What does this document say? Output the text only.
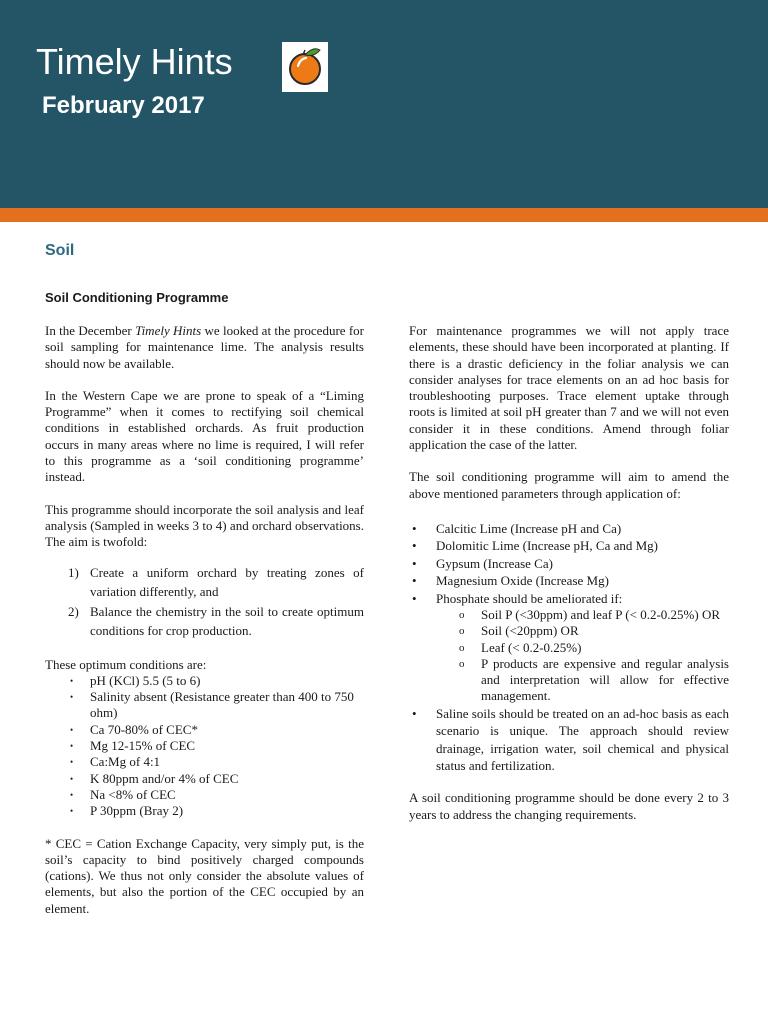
Timely Hints
February 2017
Soil
Soil Conditioning Programme

In the December Timely Hints we looked at the procedure for soil sampling for maintenance lime. The analysis results should now be available.

In the Western Cape we are prone to speak of a “Liming Programme” when it comes to rectifying soil chemical conditions in established orchards. As fruit production occurs in many areas where no lime is required, I will refer to this programme as a ‘soil conditioning programme’ instead.

This programme should incorporate the soil analysis and leaf analysis (Sampled in weeks 3 to 4) and orchard observations. The aim is twofold:

1) Create a uniform orchard by treating zones of variation differently, and
2) Balance the chemistry in the soil to create optimum conditions for crop production.

These optimum conditions are:

• pH (KCl) 5.5 (5 to 6)
• Salinity absent (Resistance greater than 400 to 750 ohm)
• Ca 70-80% of CEC*
• Mg 12-15% of CEC
• Ca:Mg of 4:1
• K 80ppm and/or 4% of CEC
• Na <8% of CEC
• P 30ppm (Bray 2)

* CEC = Cation Exchange Capacity, very simply put, is the soil’s capacity to bind positively charged compounds (cations). We thus not only consider the absolute values of elements, but also the portion of the CEC occupied by an element.

For maintenance programmes we will not apply trace elements, these should have been incorporated at planting. If there is a drastic deficiency in the foliar analysis we can consider analyses for trace elements on an ad hoc basis for troubleshooting purposes. Trace element uptake through roots is limited at soil pH greater than 7 and we will not even consider it in these conditions. Amend through foliar application the case of the latter.

The soil conditioning programme will aim to amend the above mentioned parameters through application of:

• Calcitic Lime (Increase pH and Ca)
• Dolomitic Lime (Increase pH, Ca and Mg)
• Gypsum (Increase Ca)
• Magnesium Oxide (Increase Mg)
• Phosphate should be ameliorated if:
o Soil P (<30ppm) and leaf P (< 0.2-0.25%) OR
o Soil (<20ppm) OR
o Leaf (< 0.2-0.25%)
o P products are expensive and regular analysis and interpretation will allow for effective management.
• Saline soils should be treated on an ad-hoc basis as each scenario is unique. The approach should review drainage, irrigation water, soil chemical and physical status and fertilization.

A soil conditioning programme should be done every 2 to 3 years to address the changing requirements.
